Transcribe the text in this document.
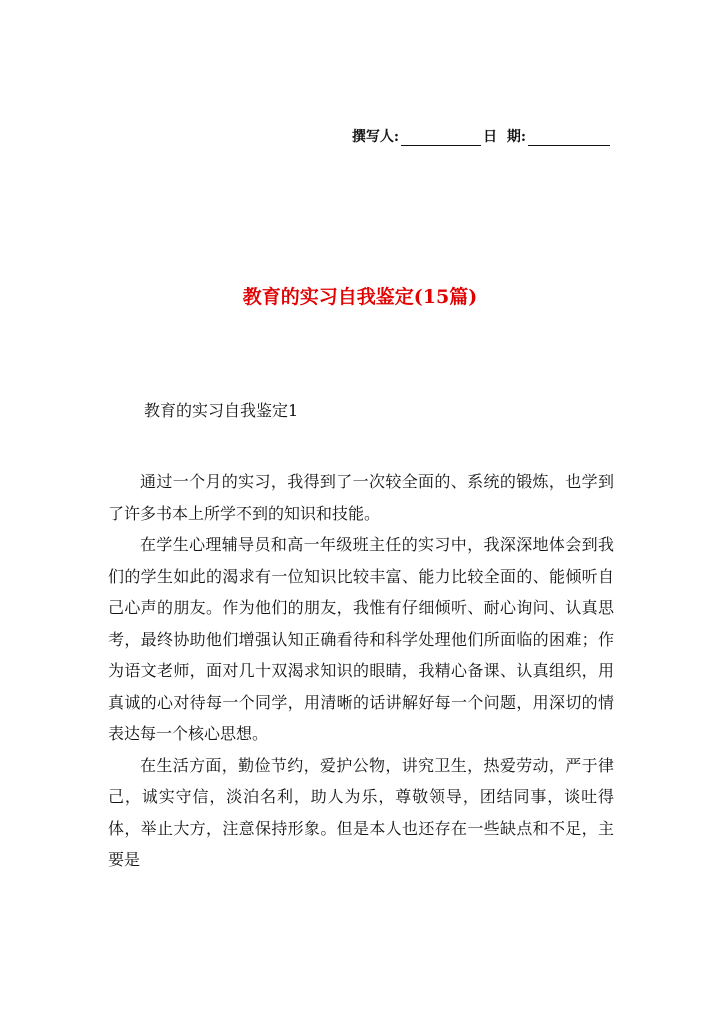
撰写人:	日  期:
教育的实习自我鉴定(15篇)
教育的实习自我鉴定1

通过一个月的实习，我得到了一次较全面的、系统的锻炼，也学到了许多书本上所学不到的知识和技能。

在学生心理辅导员和高一年级班主任的实习中，我深深地体会到我们的学生如此的渴求有一位知识比较丰富、能力比较全面的、能倾听自己心声的朋友。作为他们的朋友，我惟有仔细倾听、耐心询问、认真思考，最终协助他们增强认知正确看待和科学处理他们所面临的困难；作为语文老师，面对几十双渴求知识的眼睛，我精心备课、认真组织，用真诚的心对待每一个同学，用清晰的话讲解好每一个问题，用深切的情表达每一个核心思想。

在生活方面，勤俭节约，爱护公物，讲究卫生，热爱劳动，严于律己，诚实守信，淡泊名利，助人为乐，尊敬领导，团结同事，谈吐得体，举止大方，注意保持形象。但是本人也还存在一些缺点和不足，主要是
